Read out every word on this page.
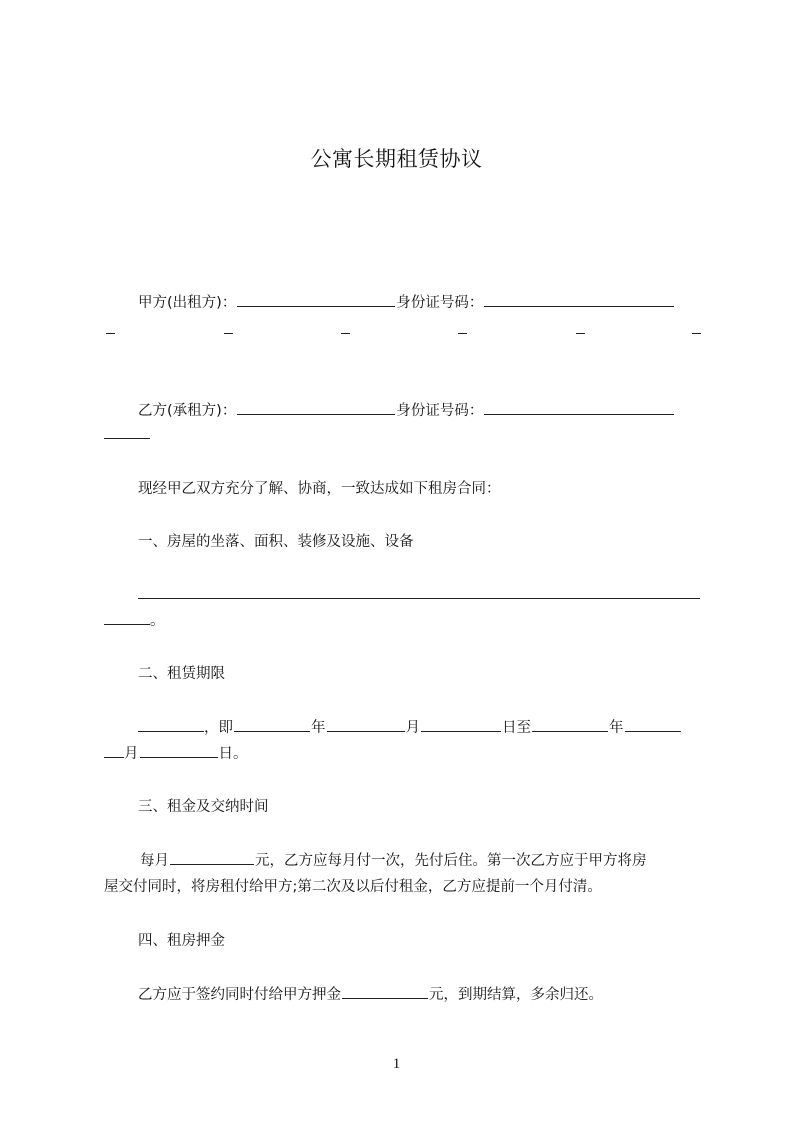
公寓长期租赁协议
甲方(出租方)：	身份证号码：
乙方(承租方)：	身份证号码：
现经甲乙双方充分了解、协商，一致达成如下租房合同：
一、房屋的坐落、面积、装修及设施、设备
。
二、租赁期限
，即	年	月	日至	年
月	日。
三、租金及交纳时间
每月	元，乙方应每月付一次，先付后住。第一次乙方应于甲方将房
屋交付同时，将房租付给甲方;第二次及以后付租金，乙方应提前一个月付清。
四、租房押金
乙方应于签约同时付给甲方押金	元，到期结算，多余归还。
1
